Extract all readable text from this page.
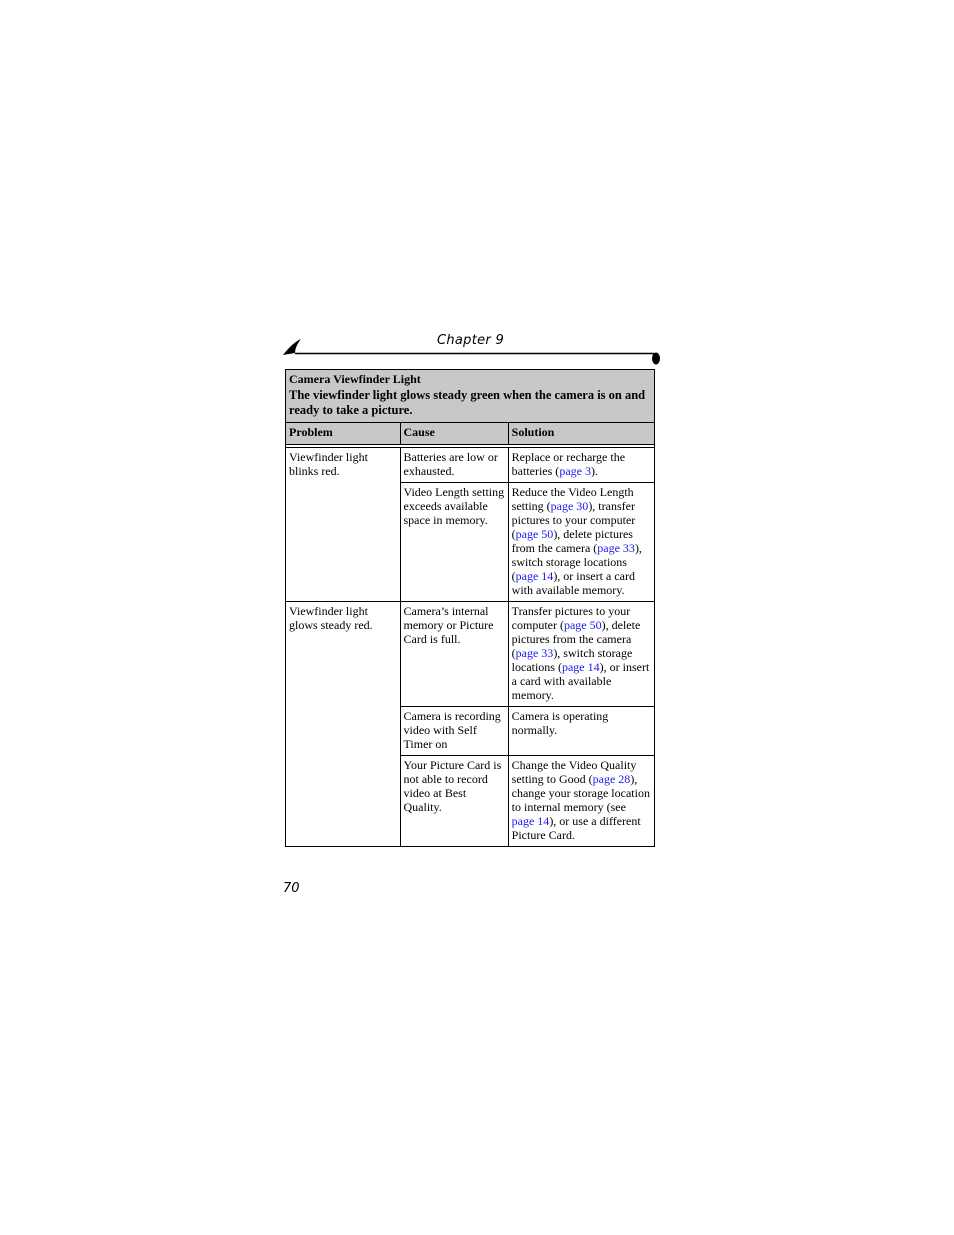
Chapter 9
Camera Viewfinder Light
The viewfinder light glows steady green when the camera is on and ready to take a picture.		

Problem	Cause	Solution

Viewfinder light blinks red.	Batteries are low or exhausted.	Replace or recharge the batteries (page 3).
	Video Length setting exceeds available space in memory.	Reduce the Video Length setting (page 30), transfer pictures to your computer (page 50), delete pictures from the camera (page 33), switch storage locations (page 14), or insert a card with available memory.
Viewfinder light glows steady red.	Camera’s internal memory or Picture Card is full.	Transfer pictures to your computer (page 50), delete pictures from the camera (page 33), switch storage locations (page 14), or insert a card with available memory.
	Camera is recording video with Self Timer on	Camera is operating normally.
	Your Picture Card is not able to record video at Best Quality.	Change the Video Quality setting to Good (page 28), change your storage location to internal memory (see page 14), or use a different Picture Card.
70
